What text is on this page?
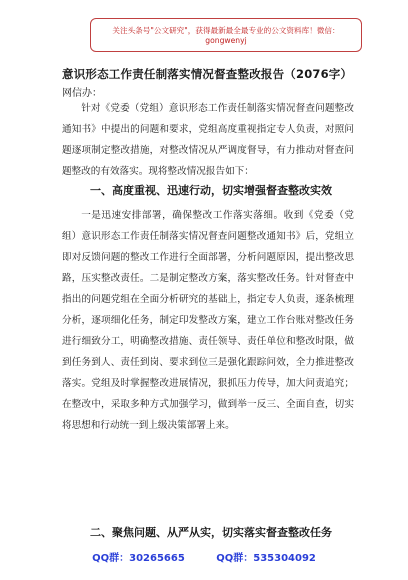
关注头条号"公文研究"，获得最新最全最专业的公文资料库！微信：gongwenyj
意识形态工作责任制落实情况督查整改报告（2076字）
网信办：
针对《党委（党组）意识形态工作责任制落实情况督查问题整改通知书》中提出的问题和要求，党组高度重视指定专人负责，对照问题逐项制定整改措施，对整改情况从严调度督导，有力推动对督查问题整改的有效落实。现将整改情况报告如下：
一、高度重视、迅速行动，切实增强督查整改实效
一是迅速安排部署，确保整改工作落实落细。收到《党委（党组）意识形态工作责任制落实情况督查问题整改通知书》后，党组立即对反馈问题的整改工作进行全面部署，分析问题原因，提出整改思路，压实整改责任。二是制定整改方案，落实整改任务。针对督查中指出的问题党组在全面分析研究的基础上，指定专人负责，逐条梳理分析，逐项细化任务，制定印发整改方案，建立工作台账对整改任务进行细致分工，明确整改措施、责任领导、责任单位和整改时限，做到任务到人、责任到岗、要求到位三是强化跟踪问效，全力推进整改落实。党组及时掌握整改进展情况，狠抓压力传导，加大问责追究；在整改中，采取多种方式加强学习，做到举一反三、全面自查，切实将思想和行动统一到上级决策部署上来。
二、聚焦问题、从严从实，切实落实督查整改任务
QQ群：30265665	QQ群：535304092
